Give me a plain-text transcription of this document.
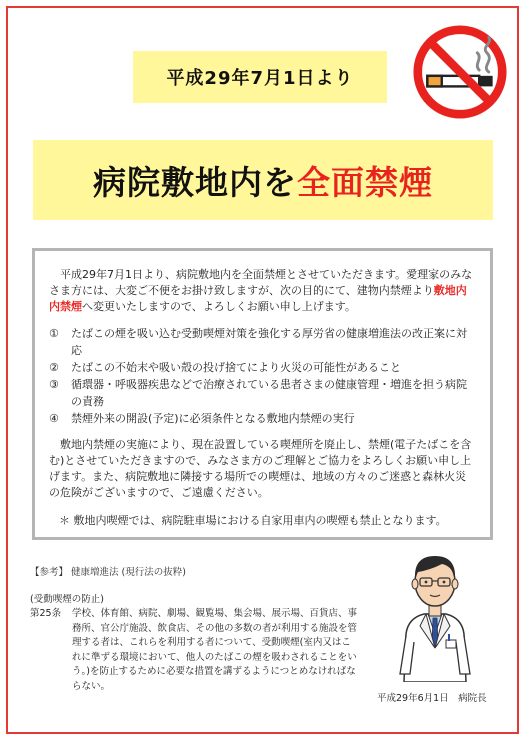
平成29年7月1日より
病院敷地内を 全面禁煙

平成29年7月1日より、病院敷地内を全面禁煙とさせていただきます。愛理家のみなさま方には、大変ご不便をお掛け致しますが、次の目的にて、建物内禁煙より敷地内内禁煙へ変更いたしますので、よろしくお願い申し上げます。

①	たばこの煙を吸い込む受動喫煙対策を強化する厚労省の健康増進法の改正案に対応
②	たばこの不始末や吸い殻の投げ捨てにより火災の可能性があること
③	循環器・呼吸器疾患などで治療されている患者さまの健康管理・増進を担う病院の責務
④	禁煙外来の開設(予定)に必須条件となる敷地内禁煙の実行

敷地内禁煙の実施により、現在設置している喫煙所を廃止し、禁煙(電子たばこを含む)とさせていただきますので、みなさま方のご理解とご協力をよろしくお願い申し上げます。また、病院敷地に隣接する場所での喫煙は、地域の方々のご迷惑と森林火災の危険がございますので、ご遠慮ください。

＊ 敷地内喫煙では、病院駐車場における自家用車内の喫煙も禁止となります。
【参考】 健康増進法 (現行法の抜粋)
(受動喫煙の防止)
第25条	学校、体育館、病院、劇場、観覧場、集会場、展示場、百貨店、事務所、官公庁施設、飲食店、その他の多数の者が利用する施設を管理する者は、これらを利用する者について、受動喫煙(室内又はこれに準ずる環境において、他人のたばこの煙を吸わされることをいう。)を防止するために必要な措置を講ずるようにつとめなければならない。
平成29年6月1日　病院長
